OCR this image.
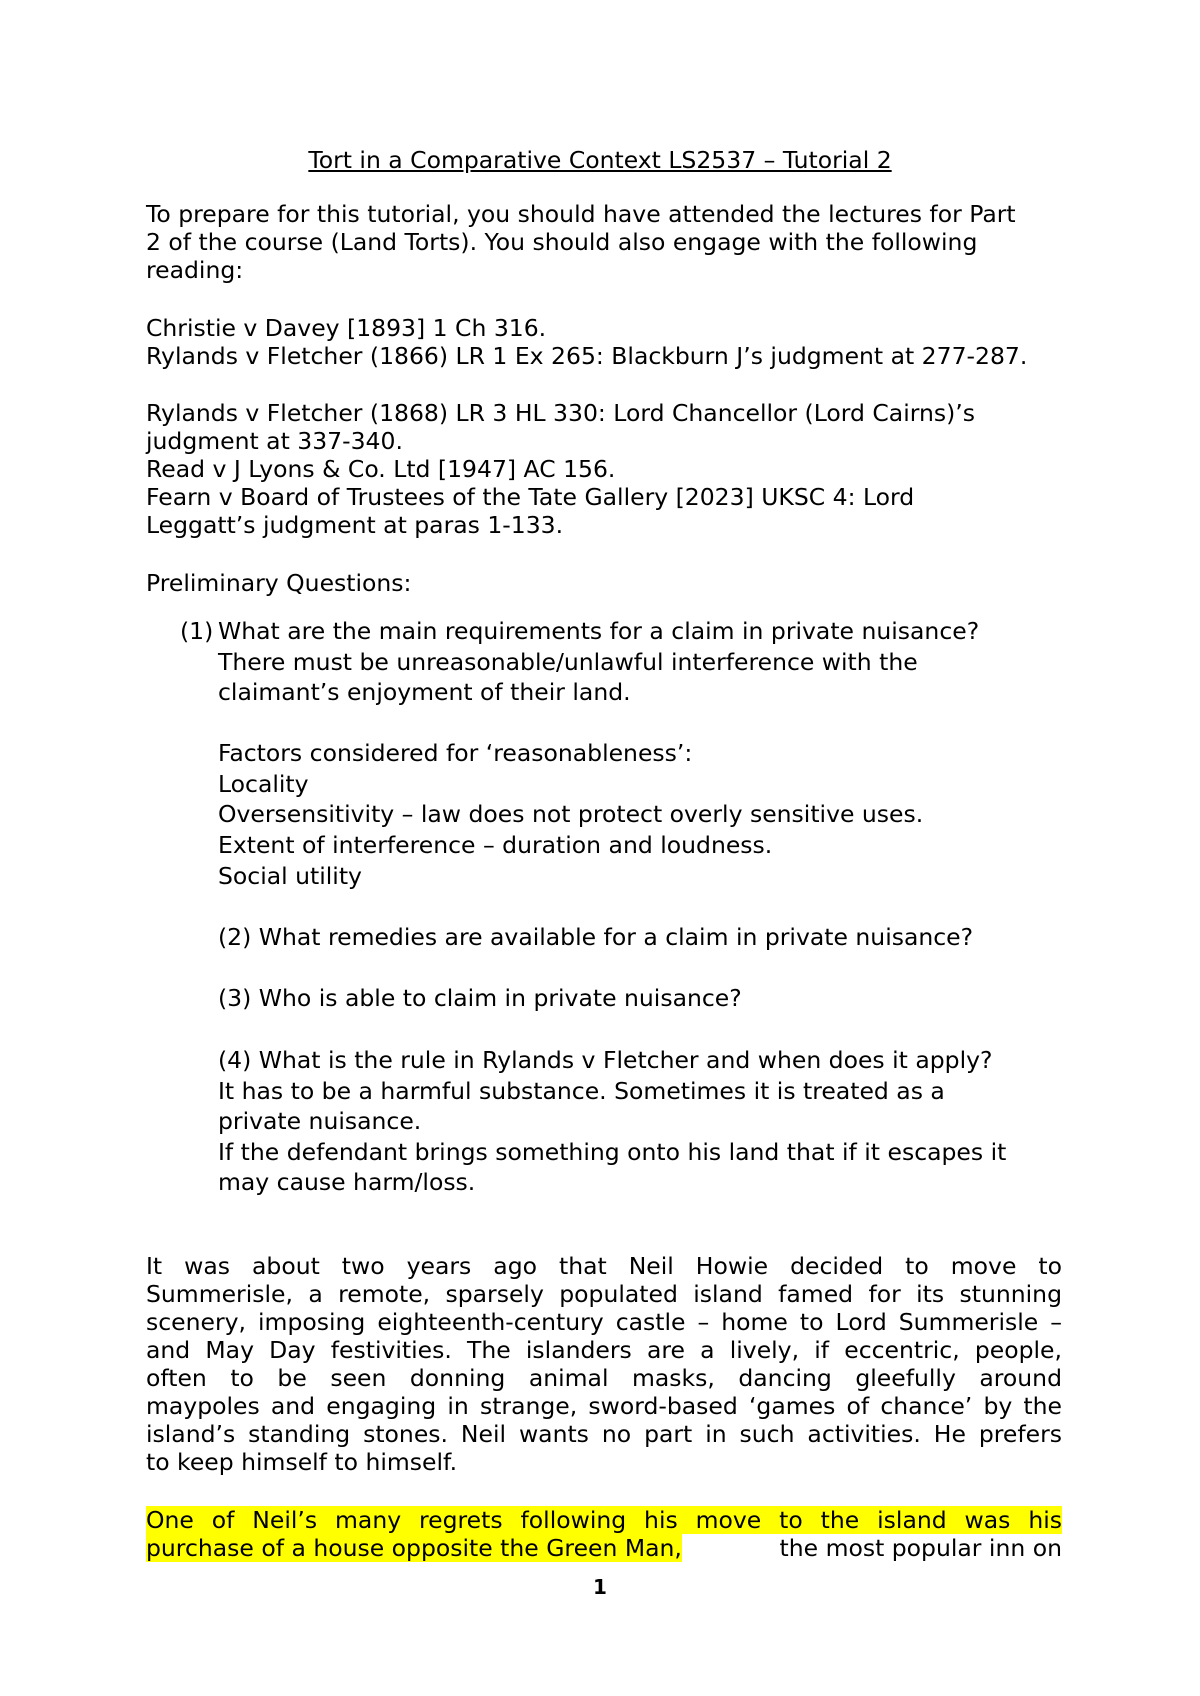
Tort in a Comparative Context LS2537 – Tutorial 2
To prepare for this tutorial, you should have attended the lectures for Part
2 of the course (Land Torts). You should also engage with the following
reading:
Christie v Davey [1893] 1 Ch 316.
Rylands v Fletcher (1866) LR 1 Ex 265: Blackburn J’s judgment at 277-287.
Rylands v Fletcher (1868) LR 3 HL 330: Lord Chancellor (Lord Cairns)’s
judgment at 337-340.
Read v J Lyons & Co. Ltd [1947] AC 156.
Fearn v Board of Trustees of the Tate Gallery [2023] UKSC 4: Lord
Leggatt’s judgment at paras 1-133.
Preliminary Questions:
(1) What are the main requirements for a claim in private nuisance?
There must be unreasonable/unlawful interference with the
claimant’s enjoyment of their land.
Factors considered for ‘reasonableness’:
Locality
Oversensitivity – law does not protect overly sensitive uses.
Extent of interference – duration and loudness.
Social utility
(2) What remedies are available for a claim in private nuisance?
(3) Who is able to claim in private nuisance?
(4) What is the rule in Rylands v Fletcher and when does it apply?
It has to be a harmful substance. Sometimes it is treated as a
private nuisance.
If the defendant brings something onto his land that if it escapes it
may cause harm/loss.
It was about two years ago that Neil Howie decided to move to
Summerisle, a remote, sparsely populated island famed for its stunning
scenery, imposing eighteenth-century castle – home to Lord Summerisle –
and May Day festivities. The islanders are a lively, if eccentric, people,
often to be seen donning animal masks, dancing gleefully around
maypoles and engaging in strange, sword-based ‘games of chance’ by the
island’s standing stones. Neil wants no part in such activities. He prefers
to keep himself to himself.
One of Neil’s many regrets following his move to the island was his
purchase of a house opposite the Green Man,	the most popular inn on
1
